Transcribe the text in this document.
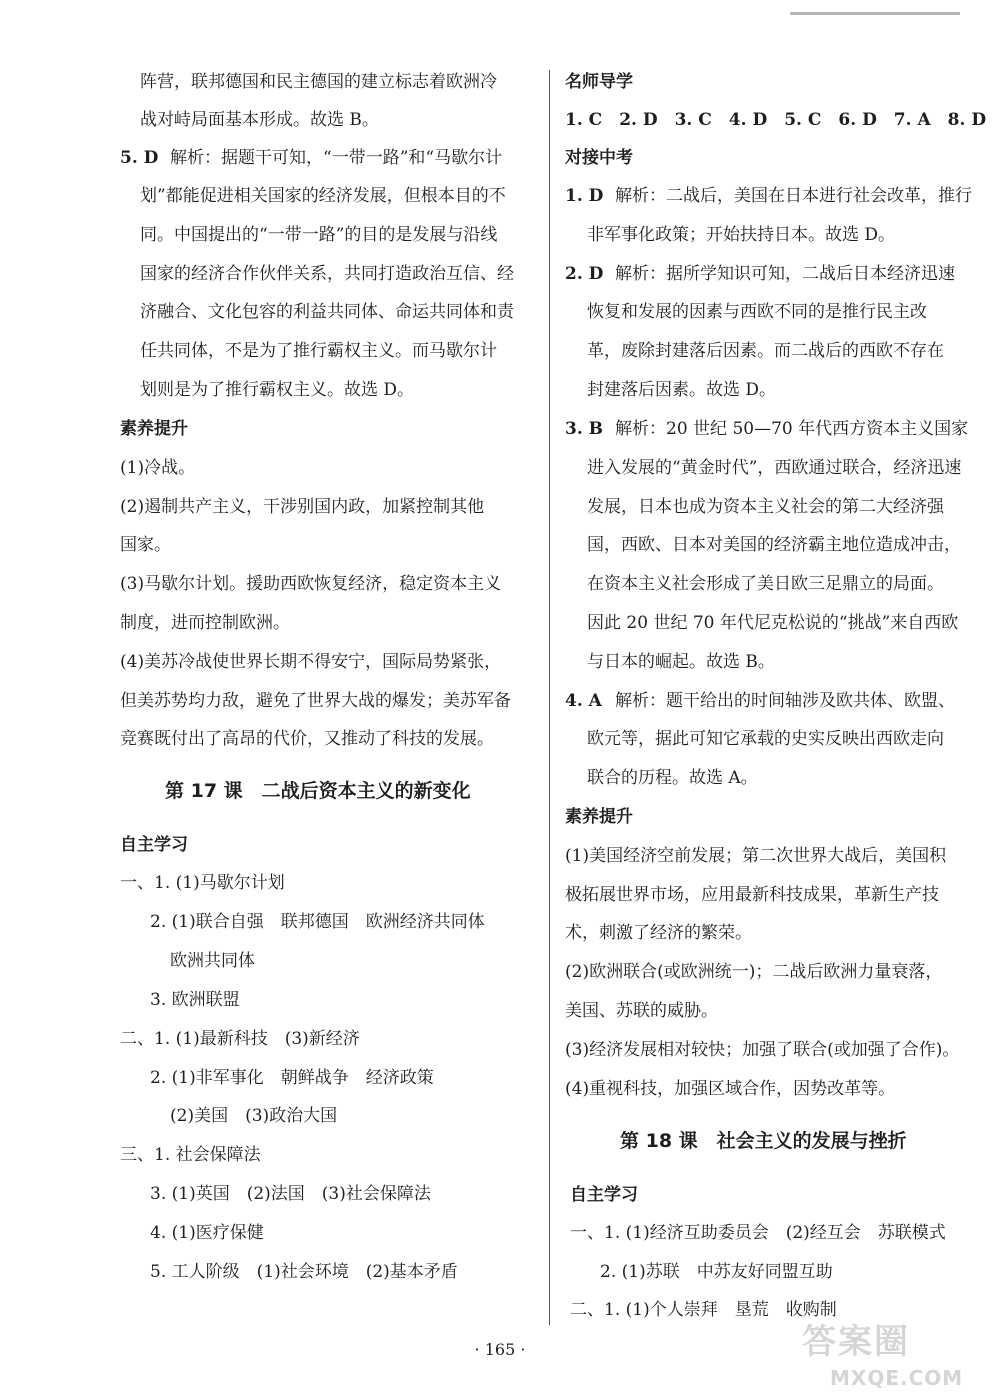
阵营，联邦德国和民主德国的建立标志着欧洲冷
战对峙局面基本形成。故选 B。
5. D 解析：据题干可知，“一带一路”和“马歇尔计
划”都能促进相关国家的经济发展，但根本目的不
同。中国提出的“一带一路”的目的是发展与沿线
国家的经济合作伙伴关系，共同打造政治互信、经
济融合、文化包容的利益共同体、命运共同体和责
任共同体，不是为了推行霸权主义。而马歇尔计
划则是为了推行霸权主义。故选 D。
素养提升
(1)冷战。
(2)遏制共产主义，干涉别国内政，加紧控制其他
国家。
(3)马歇尔计划。援助西欧恢复经济，稳定资本主义
制度，进而控制欧洲。
(4)美苏冷战使世界长期不得安宁，国际局势紧张，
但美苏势均力敌，避免了世界大战的爆发；美苏军备
竞赛既付出了高昂的代价，又推动了科技的发展。
第 17 课　二战后资本主义的新变化
自主学习
一、1. (1)马歇尔计划
2. (1)联合自强　联邦德国　欧洲经济共同体
欧洲共同体
3. 欧洲联盟
二、1. (1)最新科技　(3)新经济
2. (1)非军事化　朝鲜战争　经济政策
(2)美国　(3)政治大国
三、1. 社会保障法
3. (1)英国　(2)法国　(3)社会保障法
4. (1)医疗保健
5. 工人阶级　(1)社会环境　(2)基本矛盾
名师导学
1. C　2. D　3. C　4. D　5. C　6. D　7. A　8. D
对接中考
1. D 解析：二战后，美国在日本进行社会改革，推行
非军事化政策；开始扶持日本。故选 D。
2. D 解析：据所学知识可知，二战后日本经济迅速
恢复和发展的因素与西欧不同的是推行民主改
革，废除封建落后因素。而二战后的西欧不存在
封建落后因素。故选 D。
3. B 解析：20 世纪 50—70 年代西方资本主义国家
进入发展的“黄金时代”，西欧通过联合，经济迅速
发展，日本也成为资本主义社会的第二大经济强
国，西欧、日本对美国的经济霸主地位造成冲击，
在资本主义社会形成了美日欧三足鼎立的局面。
因此 20 世纪 70 年代尼克松说的“挑战”来自西欧
与日本的崛起。故选 B。
4. A 解析：题干给出的时间轴涉及欧共体、欧盟、
欧元等，据此可知它承载的史实反映出西欧走向
联合的历程。故选 A。
素养提升
(1)美国经济空前发展；第二次世界大战后，美国积
极拓展世界市场，应用最新科技成果，革新生产技
术，刺激了经济的繁荣。
(2)欧洲联合(或欧洲统一)；二战后欧洲力量衰落，
美国、苏联的威胁。
(3)经济发展相对较快；加强了联合(或加强了合作)。
(4)重视科技，加强区域合作，因势改革等。
第 18 课　社会主义的发展与挫折
自主学习
一、1. (1)经济互助委员会　(2)经互会　苏联模式
2. (1)苏联　中苏友好同盟互助
二、1. (1)个人崇拜　垦荒　收购制
· 165 ·	答案圈
MXQE.COM
